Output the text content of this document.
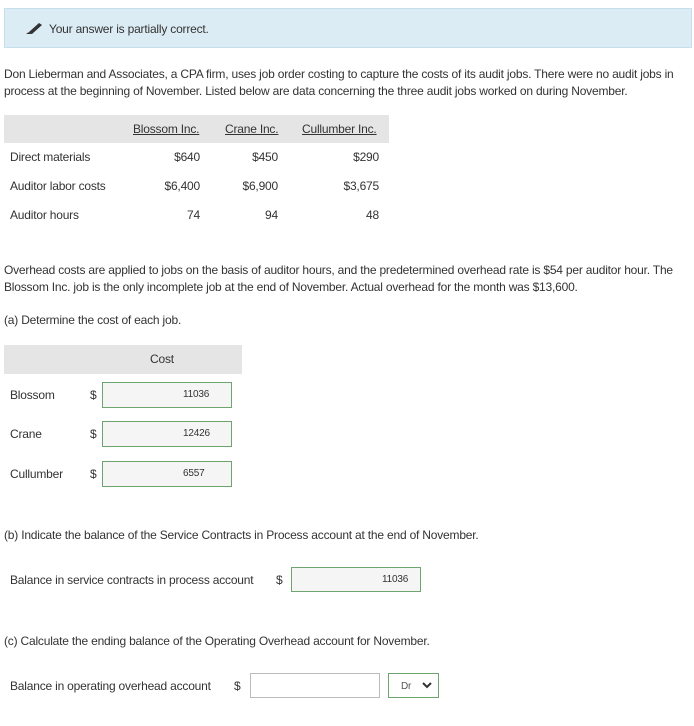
Your answer is partially correct.
Don Lieberman and Associates, a CPA firm, uses job order costing to capture the costs of its audit jobs. There were no audit jobs in process at the beginning of November. Listed below are data concerning the three audit jobs worked on during November.
Blossom Inc. Crane Inc. Cullumber Inc.
Direct materials	$640	$450	$290
Auditor labor costs	$6,400	$6,900	$3,675
Auditor hours	74	94	48
Overhead costs are applied to jobs on the basis of auditor hours, and the predetermined overhead rate is $54 per auditor hour. The Blossom Inc. job is the only incomplete job at the end of November. Actual overhead for the month was $13,600.
(a) Determine the cost of each job.
Cost
Blossom	$	11036
Crane	$	12426
Cullumber $	6557
(b) Indicate the balance of the Service Contracts in Process account at the end of November.
Balance in service contracts in process account $	11036
(c) Calculate the ending balance of the Operating Overhead account for November.
Balance in operating overhead account $	Dr
